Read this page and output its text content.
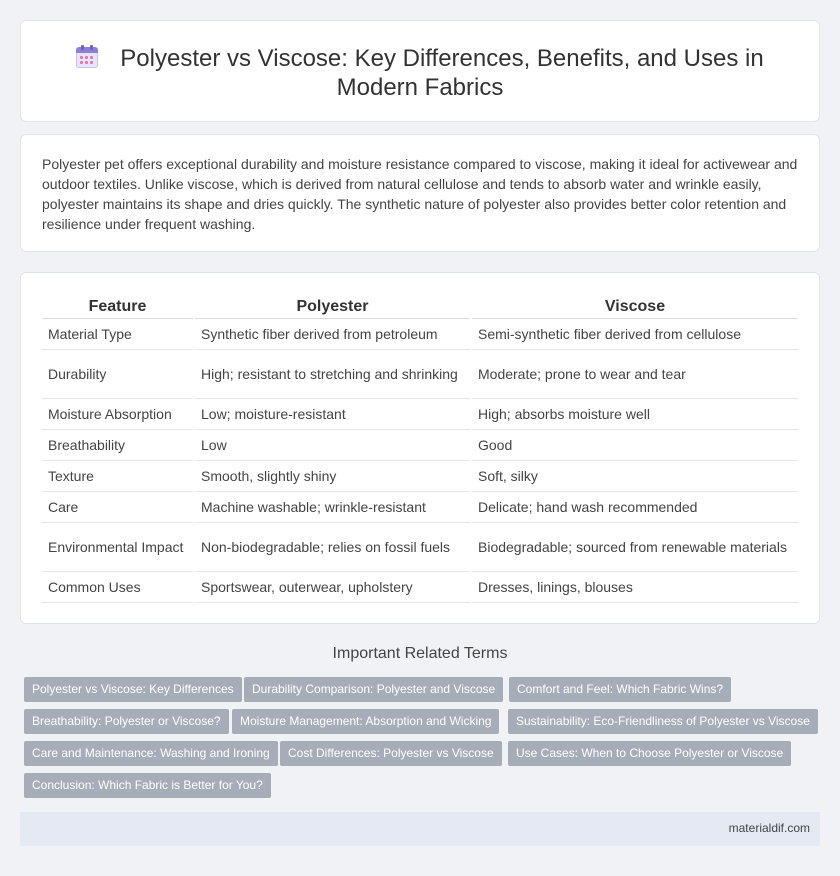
Polyester vs Viscose: Key Differences, Benefits, and Uses in
Modern Fabrics

Polyester pet offers exceptional durability and moisture resistance compared to viscose, making it ideal for activewear and outdoor textiles. Unlike viscose, which is derived from natural cellulose and tends to absorb water and wrinkle easily, polyester maintains its shape and dries quickly. The synthetic nature of polyester also provides better color retention and resilience under frequent washing.

Feature	Polyester	Viscose
Material Type	Synthetic fiber derived from petroleum	Semi-synthetic fiber derived from cellulose
Durability	High; resistant to stretching and shrinking	Moderate; prone to wear and tear
Moisture Absorption	Low; moisture-resistant	High; absorbs moisture well
Breathability	Low	Good
Texture	Smooth, slightly shiny	Soft, silky
Care	Machine washable; wrinkle-resistant	Delicate; hand wash recommended
Environmental Impact	Non-biodegradable; relies on fossil fuels	Biodegradable; sourced from renewable materials
Common Uses	Sportswear, outerwear, upholstery	Dresses, linings, blouses
Important Related Terms
Polyester vs Viscose: Key Differences	Durability Comparison: Polyester and Viscose	Comfort and Feel: Which Fabric Wins?
Breathability: Polyester or Viscose?	Moisture Management: Absorption and Wicking	Sustainability: Eco-Friendliness of Polyester vs Viscose
Care and Maintenance: Washing and Ironing	Cost Differences: Polyester vs Viscose	Use Cases: When to Choose Polyester or Viscose
Conclusion: Which Fabric is Better for You?
materialdif.com
